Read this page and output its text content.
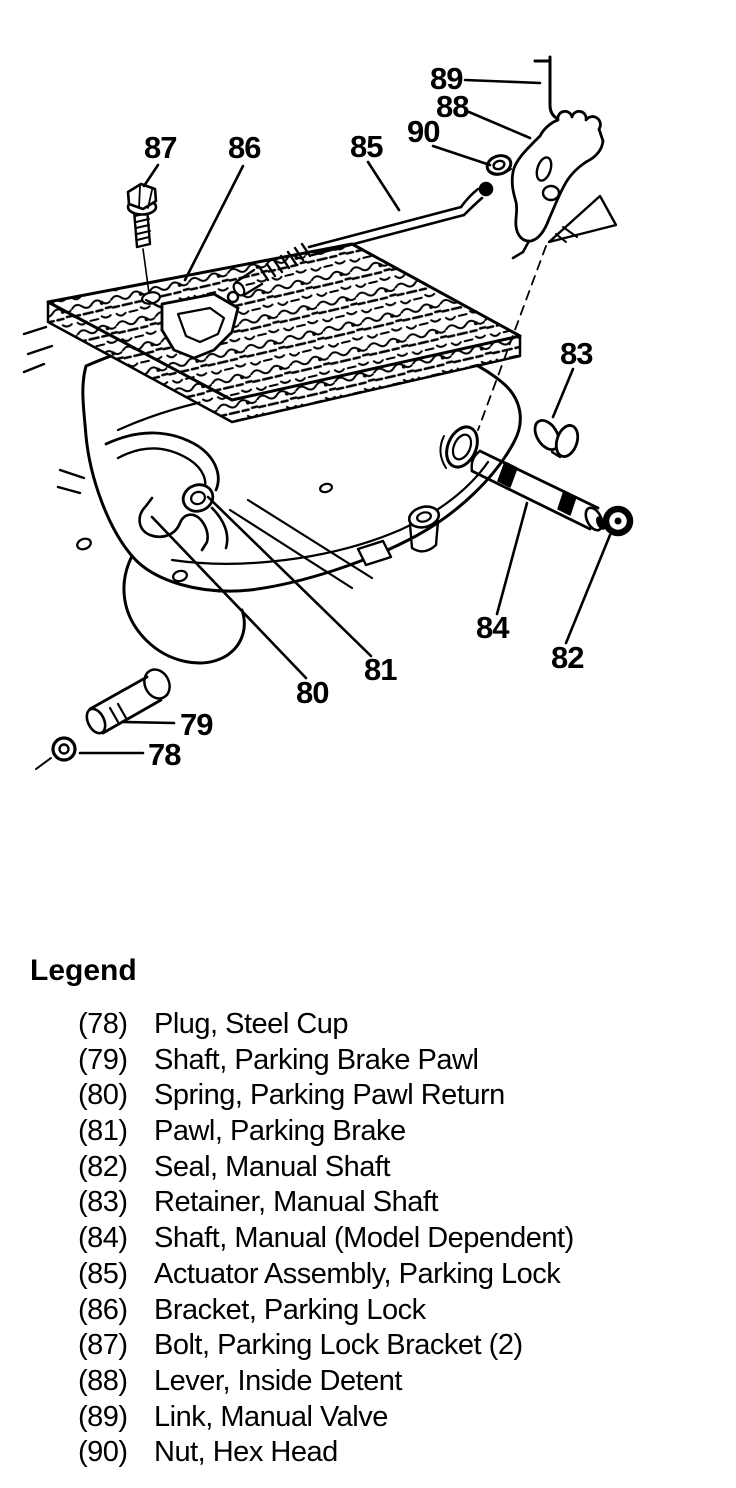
78
79
80
81	82
83
84
85
86
87
88
89
90
Legend
(78) Plug, Steel Cup
(79) Shaft, Parking Brake Pawl
(80) Spring, Parking Pawl Return
(81) Pawl, Parking Brake
(82) Seal, Manual Shaft
(83) Retainer, Manual Shaft
(84) Shaft, Manual (Model Dependent)
(85) Actuator Assembly, Parking Lock
(86) Bracket, Parking Lock
(87) Bolt, Parking Lock Bracket (2)
(88) Lever, Inside Detent
(89) Link, Manual Valve
(90) Nut, Hex Head
